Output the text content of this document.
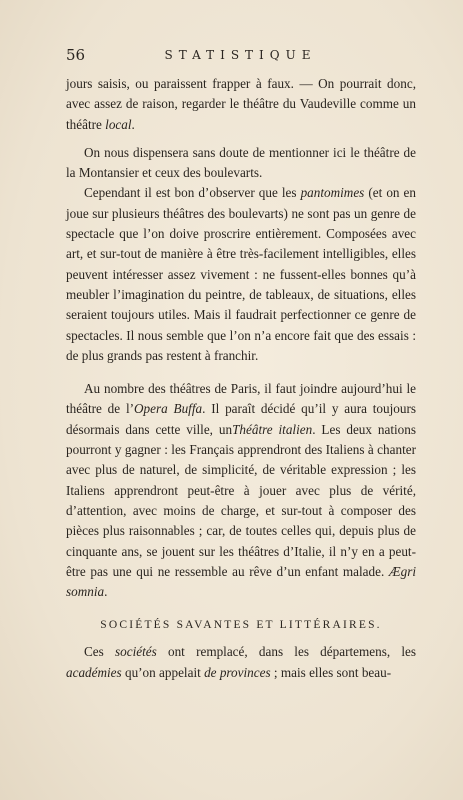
56	STATISTIQUE

jours saisis, ou paraissent frapper à faux. — On pourrait donc, avec assez de raison, regarder le théâtre du Vaudeville comme un théâtre local.

On nous dispensera sans doute de mentionner ici le théâtre de la Montansier et ceux des boulevarts.

Cependant il est bon d’observer que les pantomimes (et on en joue sur plusieurs théâtres des boulevarts) ne sont pas un genre de spectacle que l’on doive proscrire entièrement. Composées avec art, et sur-tout de manière à être très-facilement intelligibles, elles peuvent intéresser assez vivement : ne fussent-elles bonnes qu’à meubler l’imagination du peintre, de tableaux, de situations, elles seraient toujours utiles. Mais il faudrait perfectionner ce genre de spectacles. Il nous semble que l’on n’a encore fait que des essais : de plus grands pas restent à franchir.

Au nombre des théâtres de Paris, il faut joindre aujourd’hui le théâtre de l’Opera Buffa. Il paraît décidé qu’il y aura toujours désormais dans cette ville, unThéâtre italien. Les deux nations pourront y gagner : les Français apprendront des Italiens à chanter avec plus de naturel, de simplicité, de véritable expression ; les Italiens apprendront peut-être à jouer avec plus de vérité, d’attention, avec moins de charge, et sur-tout à composer des pièces plus raisonnables ; car, de toutes celles qui, depuis plus de cinquante ans, se jouent sur les théâtres d’Italie, il n’y en a peut-être pas une qui ne ressemble au rêve d’un enfant malade. Ægri somnia.

SOCIÉTÉS SAVANTES ET LITTÉRAIRES.

Ces sociétés ont remplacé, dans les départemens, les académies qu’on appelait de provinces ; mais elles sont beau-
